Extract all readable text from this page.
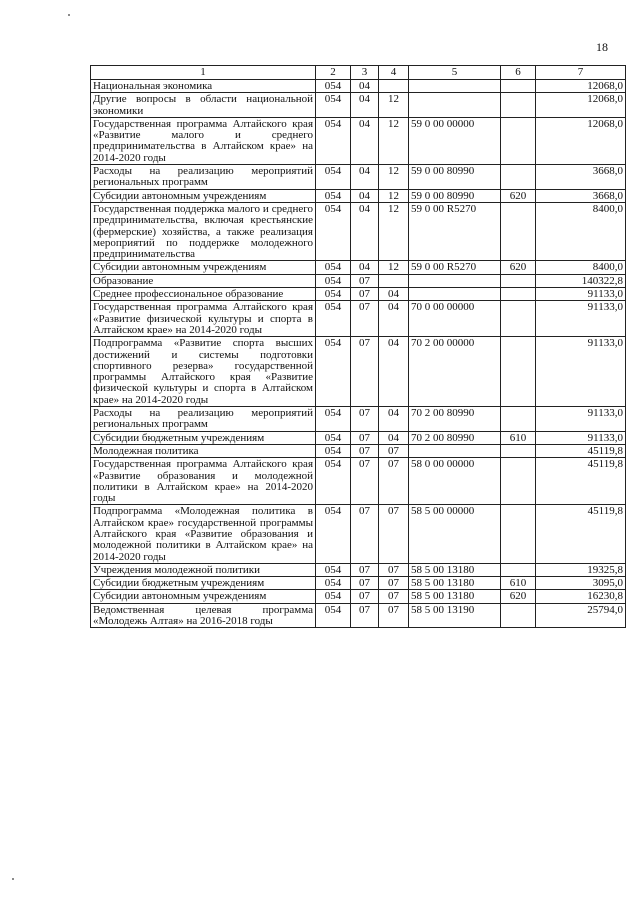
18
1	2	3	4	5	6	7
Национальная экономика	054	04				12068,0
Другие вопросы в области национальной экономики	054	04	12			12068,0
Государственная программа Алтайского края «Развитие малого и среднего предпринимательства в Алтайском крае» на 2014-2020 годы	054	04	12	59 0 00 00000		12068,0
Расходы на реализацию мероприятий региональных программ	054	04	12	59 0 00 80990		3668,0
Субсидии автономным учреждениям	054	04	12	59 0 00 80990	620	3668,0
Государственная поддержка малого и среднего предпринимательства, включая крестьянские (фермерские) хозяйства, а также реализация мероприятий по поддержке молодежного предпринимательства	054	04	12	59 0 00 R5270		8400,0
Субсидии автономным учреждениям	054	04	12	59 0 00 R5270	620	8400,0
Образование	054	07				140322,8
Среднее профессиональное образование	054	07	04			91133,0
Государственная программа Алтайского края «Развитие физической культуры и спорта в Алтайском крае» на 2014-2020 годы	054	07	04	70 0 00 00000		91133,0
Подпрограмма «Развитие спорта высших достижений и системы подготовки спортивного резерва» государственной программы Алтайского края «Развитие физической культуры и спорта в Алтайском крае» на 2014-2020 годы	054	07	04	70 2 00 00000		91133,0
Расходы на реализацию мероприятий региональных программ	054	07	04	70 2 00 80990		91133,0
Субсидии бюджетным учреждениям	054	07	04	70 2 00 80990	610	91133,0
Молодежная политика	054	07	07			45119,8
Государственная программа Алтайского края «Развитие образования и молодежной политики в Алтайском крае» на 2014-2020 годы	054	07	07	58 0 00 00000		45119,8
Подпрограмма «Молодежная политика в Алтайском крае» государственной программы Алтайского края «Развитие образования и молодежной политики в Алтайском крае» на 2014-2020 годы	054	07	07	58 5 00 00000		45119,8
Учреждения молодежной политики	054	07	07	58 5 00 13180		19325,8
Субсидии бюджетным учреждениям	054	07	07	58 5 00 13180	610	3095,0
Субсидии автономным учреждениям	054	07	07	58 5 00 13180	620	16230,8
Ведомственная целевая программа «Молодежь Алтая» на 2016-2018 годы	054	07	07	58 5 00 13190		25794,0
